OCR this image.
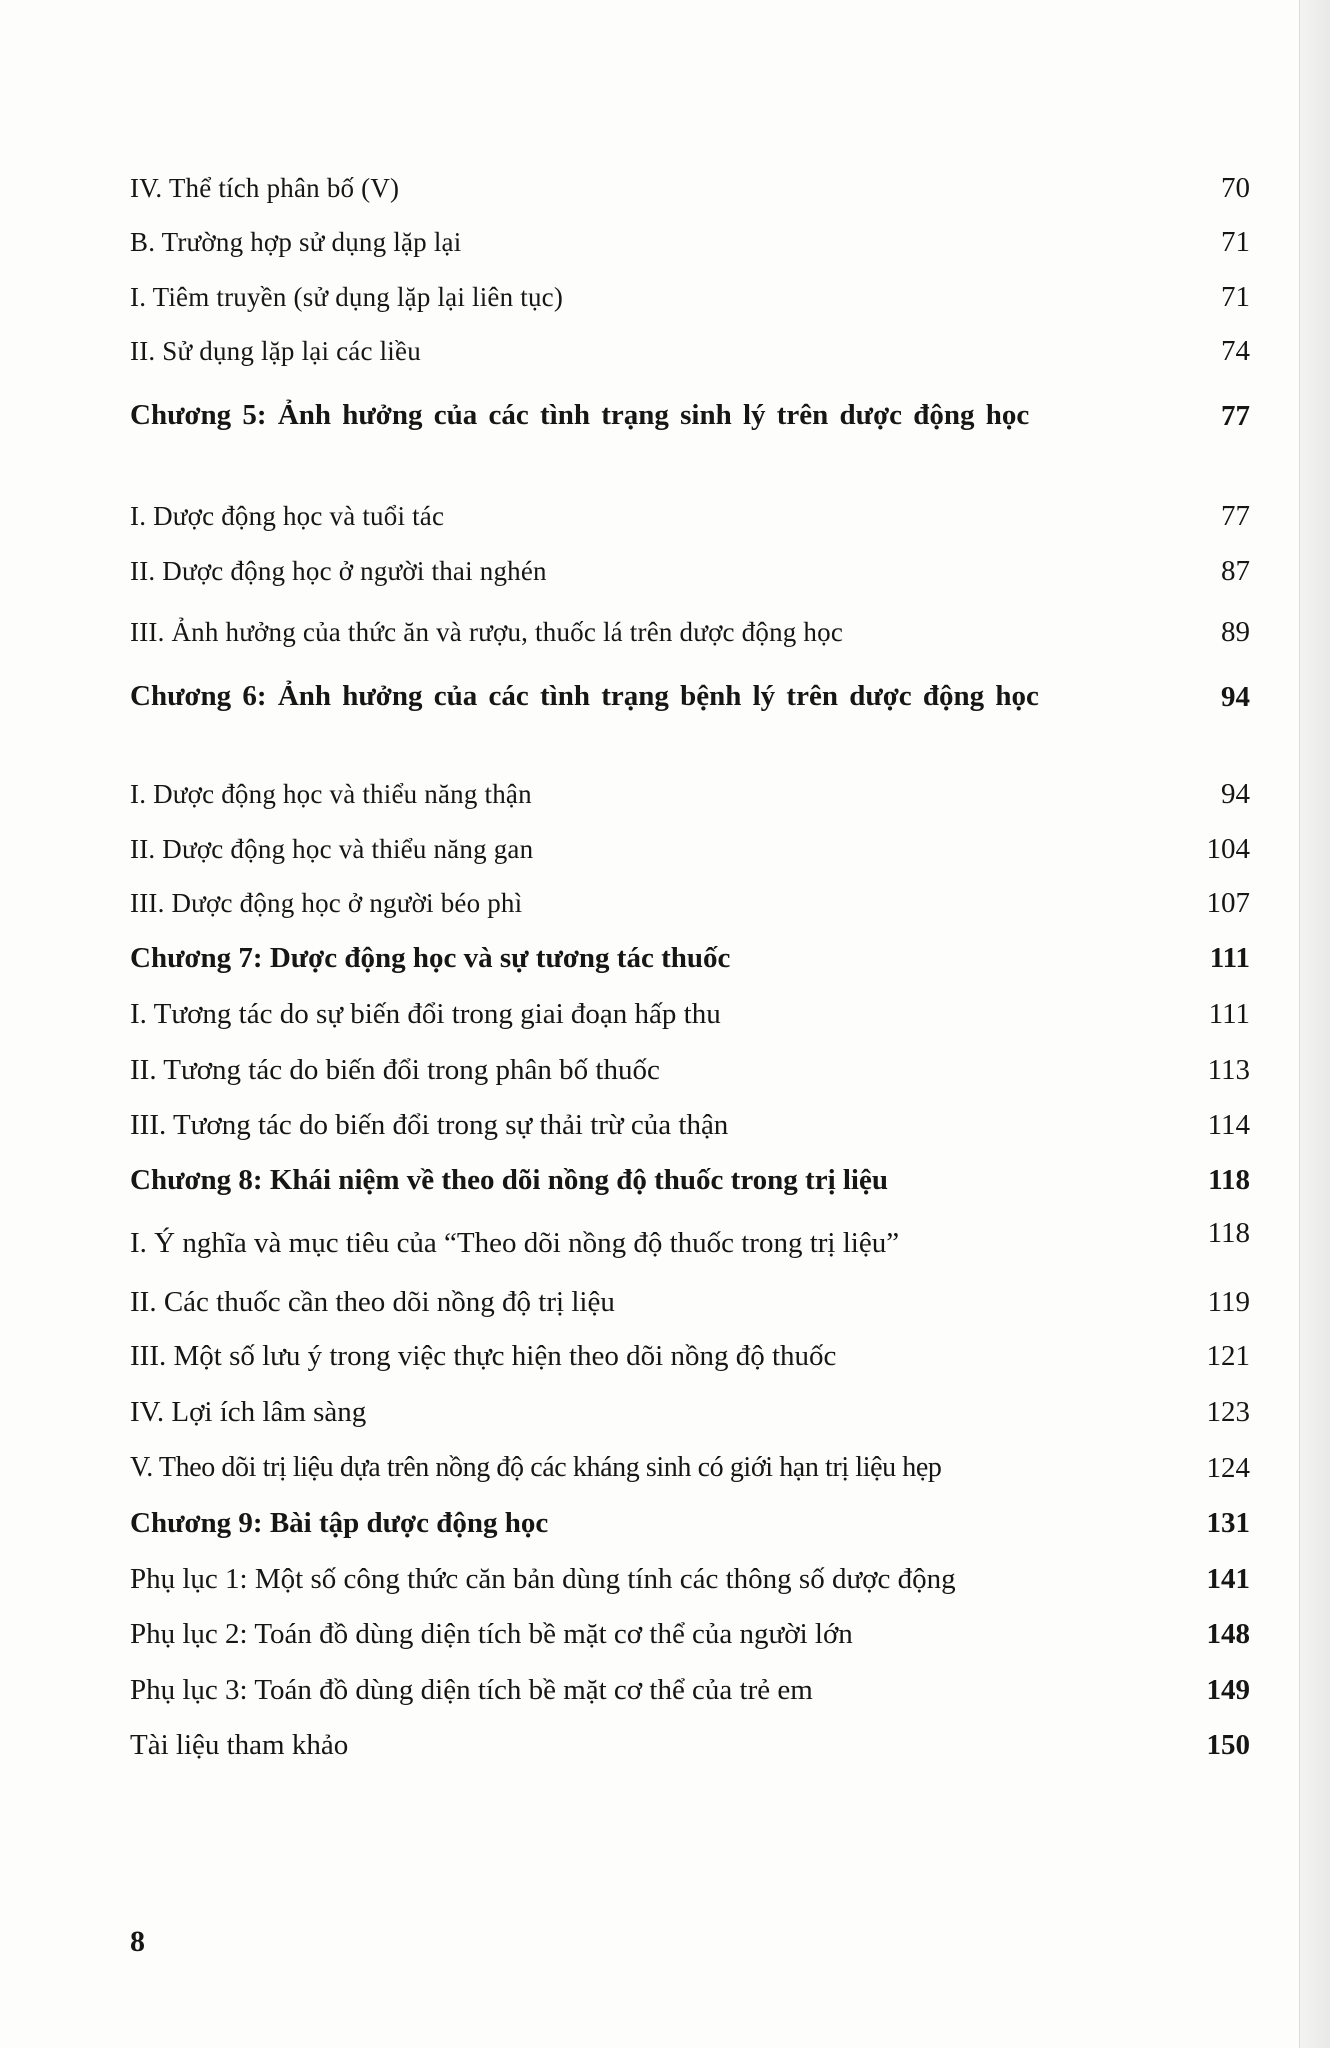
IV. Thể tích phân bố (V)	70
B. Trường hợp sử dụng lặp lại	71
I. Tiêm truyền (sử dụng lặp lại liên tục)	71
II. Sử dụng lặp lại các liều	74
Chương 5: Ảnh hưởng của các tình trạng sinh lý trên dược động học	77
I. Dược động học và tuổi tác	77
II. Dược động học ở người thai nghén	87
III. Ảnh hưởng của thức ăn và rượu, thuốc lá trên dược động học	89
Chương 6: Ảnh hưởng của các tình trạng bệnh lý trên dược động học	94
I. Dược động học và thiểu năng thận	94
II. Dược động học và thiểu năng gan	104
III. Dược động học ở người béo phì	107
Chương 7: Dược động học và sự tương tác thuốc	111
I. Tương tác do sự biến đổi trong giai đoạn hấp thu	111
II. Tương tác do biến đổi trong phân bố thuốc	113
III. Tương tác do biến đổi trong sự thải trừ của thận	114
Chương 8: Khái niệm về theo dõi nồng độ thuốc trong trị liệu	118
I. Ý nghĩa và mục tiêu của “Theo dõi nồng độ thuốc trong trị liệu”	118
II. Các thuốc cần theo dõi nồng độ trị liệu	119
III. Một số lưu ý trong việc thực hiện theo dõi nồng độ thuốc	121
IV. Lợi ích lâm sàng	123
V. Theo dõi trị liệu dựa trên nồng độ các kháng sinh có giới hạn trị liệu hẹp	124
Chương 9: Bài tập dược động học	131
Phụ lục 1: Một số công thức căn bản dùng tính các thông số dược động	141
Phụ lục 2: Toán đồ dùng diện tích bề mặt cơ thể của người lớn	148
Phụ lục 3: Toán đồ dùng diện tích bề mặt cơ thể của trẻ em	149
Tài liệu tham khảo	150
8
